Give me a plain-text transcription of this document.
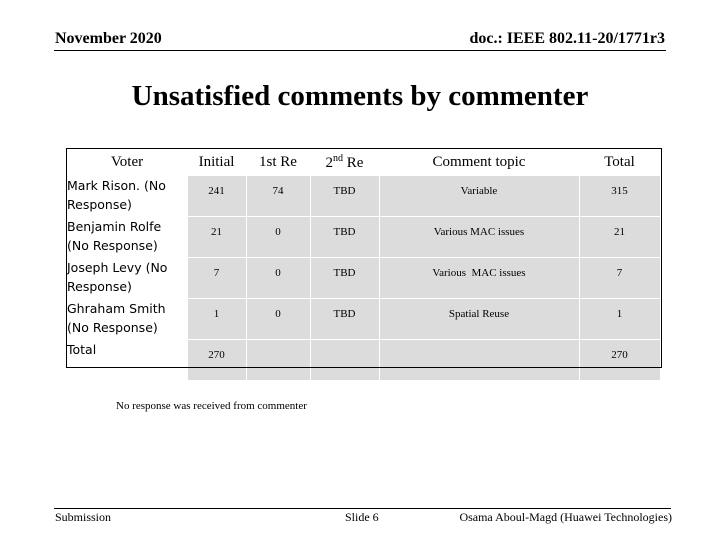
November 2020	doc.: IEEE 802.11-20/1771r3
Unsatisfied comments by commenter
Voter	Initial	1st Re	2nd Re	Comment topic	Total
Mark Rison. (No Response)	241	74	TBD	Variable	315
Benjamin Rolfe (No Response)	21	0	TBD	Various MAC issues	21
Joseph Levy (No Response)	7	0	TBD	Various  MAC issues	7
Ghraham Smith (No Response)	1	0	TBD	Spatial Reuse	1
Total	270				270
No response was received from commenter
Submission	Slide 6	Osama Aboul-Magd (Huawei Technologies)
